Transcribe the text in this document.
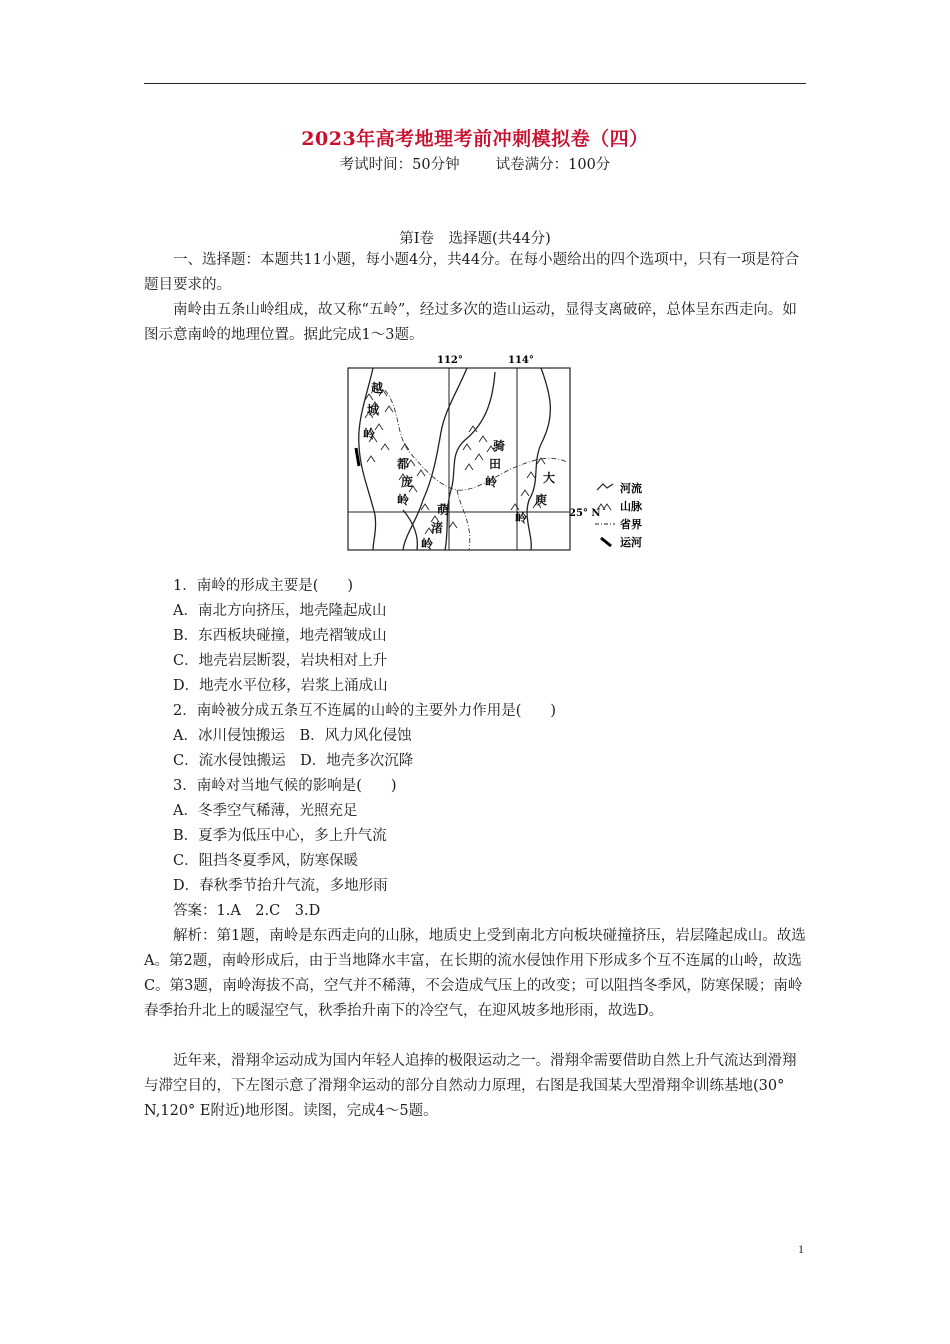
2023年高考地理考前冲刺模拟卷（四）
考试时间：50分钟 试卷满分：100分
第Ⅰ卷　选择题(共44分)

一、选择题：本题共11小题，每小题4分，共44分。在每小题给出的四个选项中，只有一项是符合题目要求的。

南岭由五条山岭组成，故又称“五岭”，经过多次的造山运动，显得支离破碎，总体呈东西走向。如图示意南岭的地理位置。据此完成1～3题。

112°	114°
25° N
越
城
岭
都
庞
岭
萌
渚
岭
骑
田
岭	大
庾
岭
河流
山脉
省界
运河
1．南岭的形成主要是(　　)
A．南北方向挤压，地壳隆起成山
B．东西板块碰撞，地壳褶皱成山
C．地壳岩层断裂，岩块相对上升
D．地壳水平位移，岩浆上涌成山
2．南岭被分成五条互不连属的山岭的主要外力作用是(　　)
A．冰川侵蚀搬运　B．风力风化侵蚀
C．流水侵蚀搬运　D．地壳多次沉降
3．南岭对当地气候的影响是(　　)
A．冬季空气稀薄，光照充足
B．夏季为低压中心，多上升气流
C．阻挡冬夏季风，防寒保暖
D．春秋季节抬升气流，多地形雨
答案：1.A　2.C　3.D

解析：第1题，南岭是东西走向的山脉，地质史上受到南北方向板块碰撞挤压，岩层隆起成山。故选A。第2题，南岭形成后，由于当地降水丰富，在长期的流水侵蚀作用下形成多个互不连属的山岭，故选C。第3题，南岭海拔不高，空气并不稀薄，不会造成气压上的改变；可以阻挡冬季风，防寒保暖；南岭春季抬升北上的暖湿空气，秋季抬升南下的冷空气，在迎风坡多地形雨，故选D。

近年来，滑翔伞运动成为国内年轻人追捧的极限运动之一。滑翔伞需要借助自然上升气流达到滑翔与滞空目的，下左图示意了滑翔伞运动的部分自然动力原理，右图是我国某大型滑翔伞训练基地(30° N,120° E附近)地形图。读图，完成4～5题。

1
